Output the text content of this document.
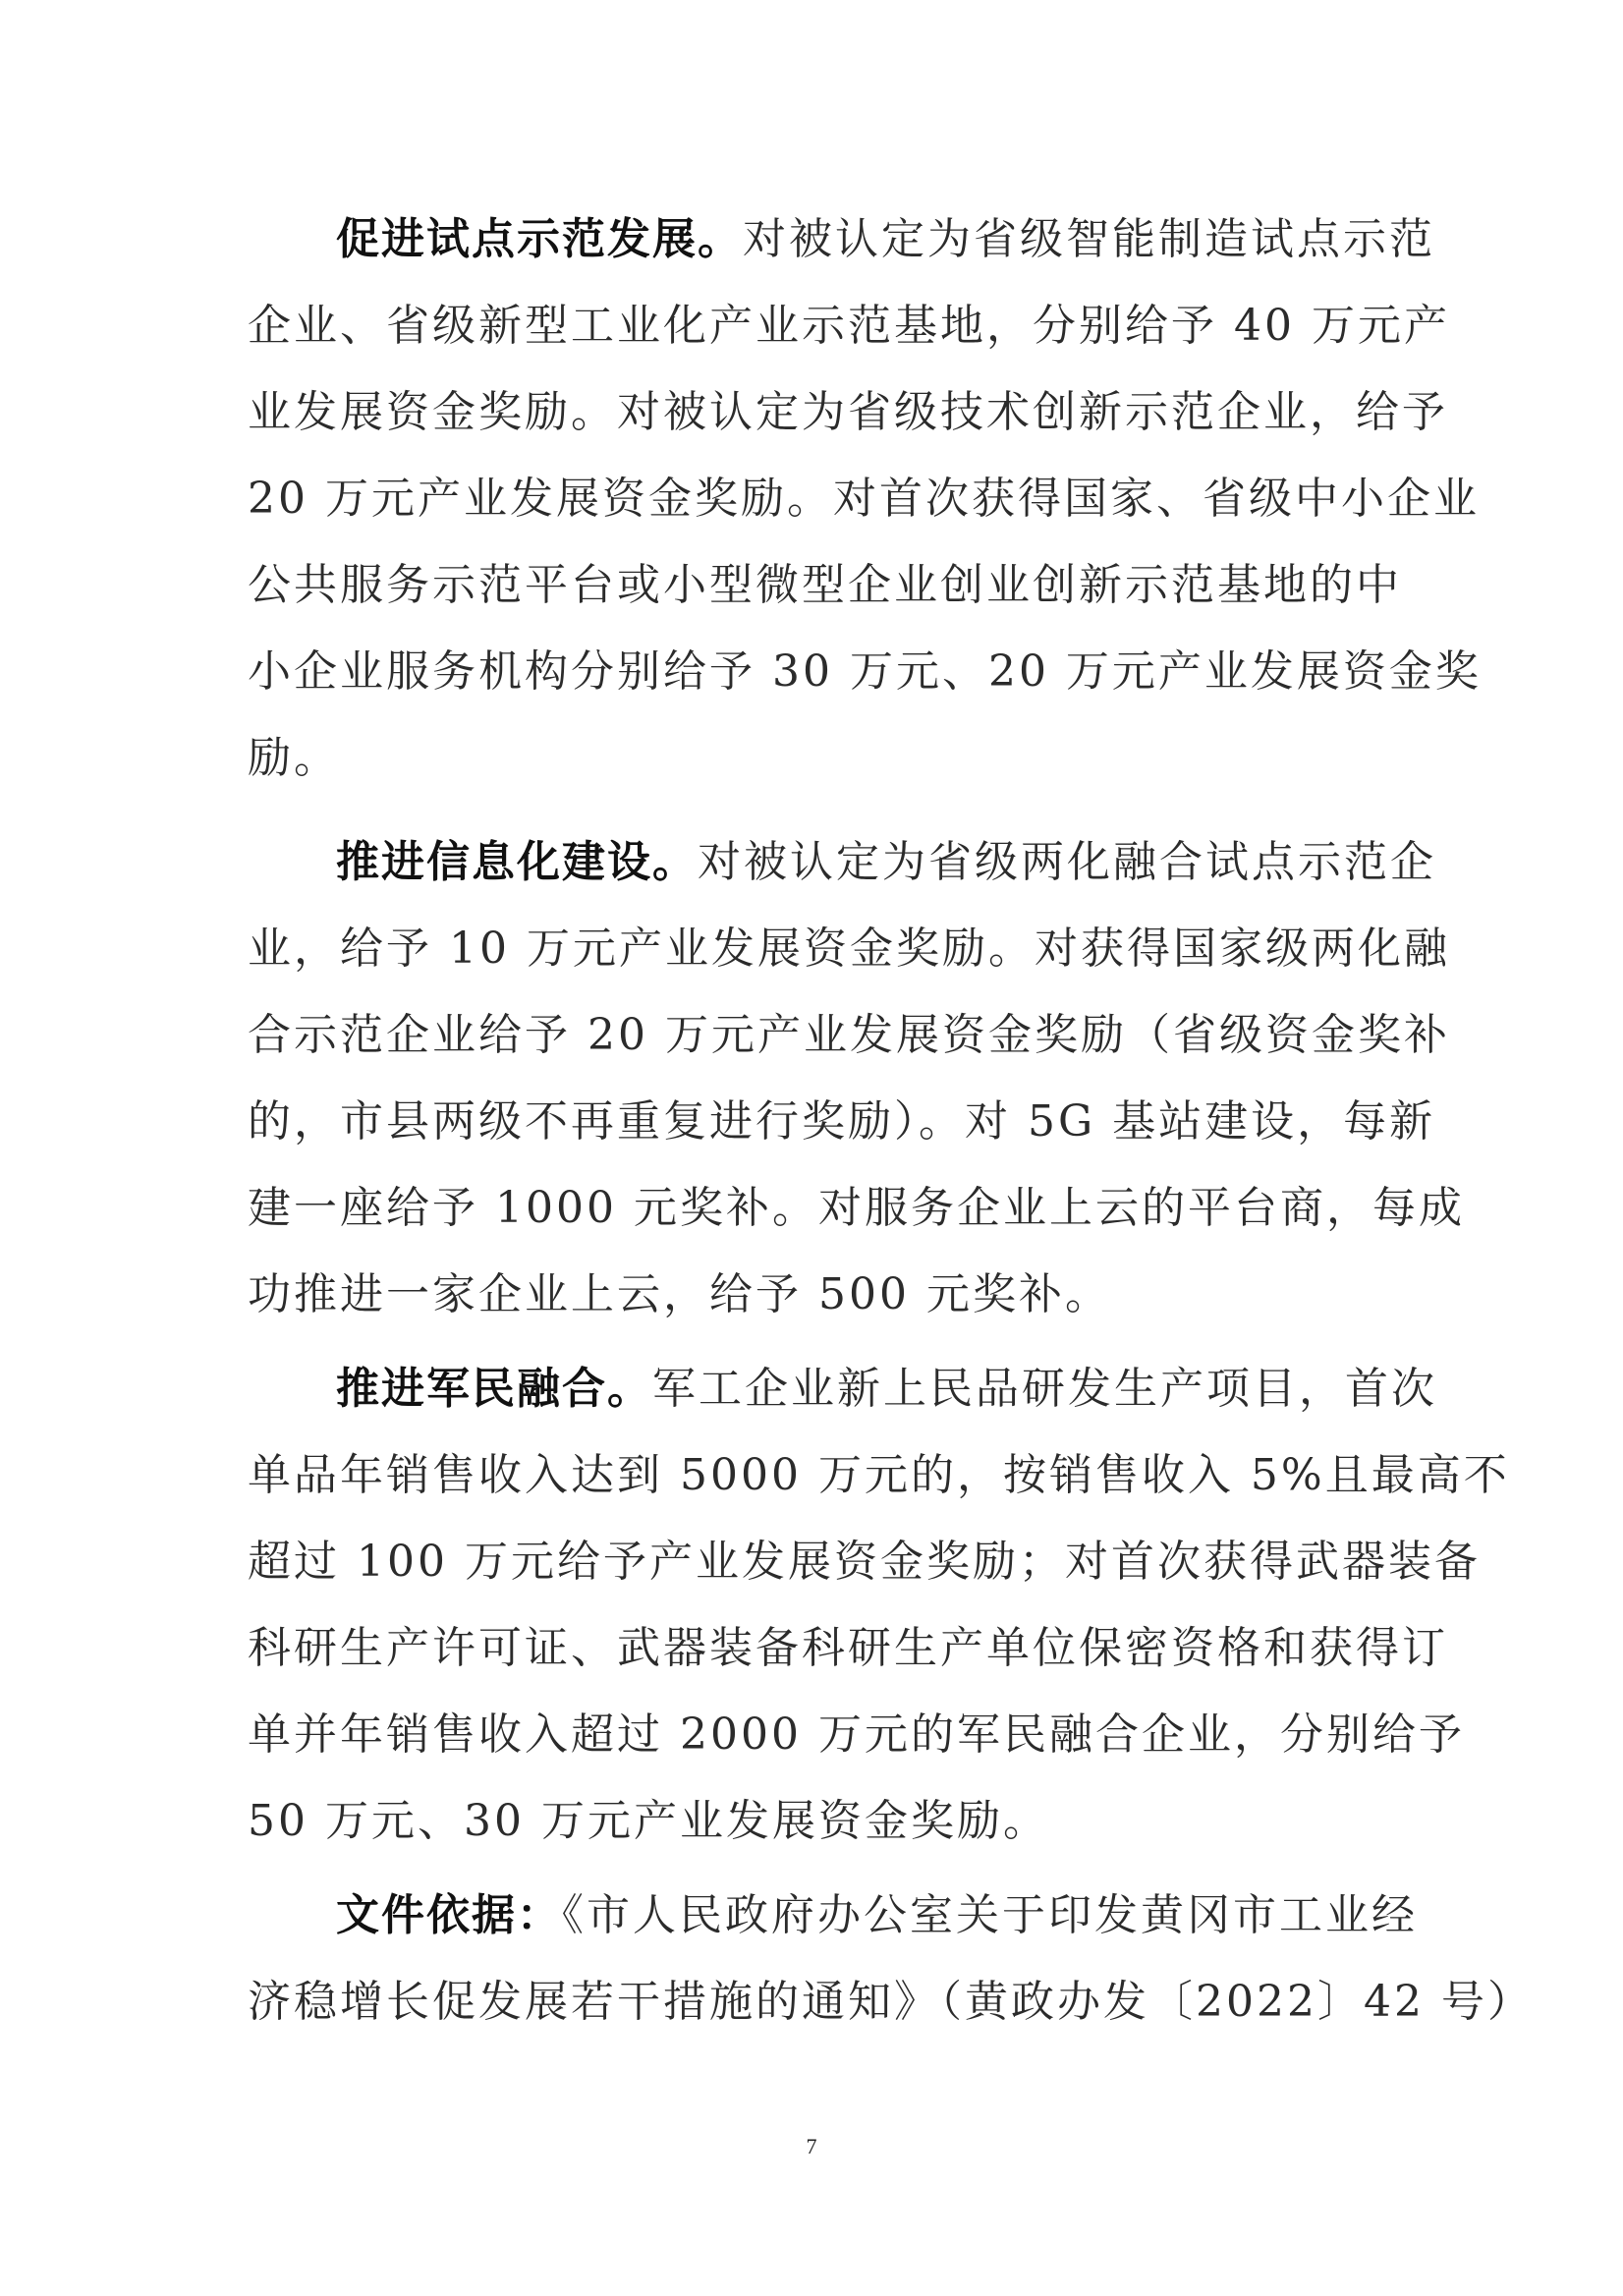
促进试点示范发展。对被认定为省级智能制造试点示范
企业、省级新型工业化产业示范基地，分别给予 40 万元产
业发展资金奖励。对被认定为省级技术创新示范企业，给予
20 万元产业发展资金奖励。对首次获得国家、省级中小企业
公共服务示范平台或小型微型企业创业创新示范基地的中
小企业服务机构分别给予 30 万元、20 万元产业发展资金奖
励。
推进信息化建设。对被认定为省级两化融合试点示范企
业，给予 10 万元产业发展资金奖励。对获得国家级两化融
合示范企业给予 20 万元产业发展资金奖励（省级资金奖补
的，市县两级不再重复进行奖励）。对 5G 基站建设，每新
建一座给予 1000 元奖补。对服务企业上云的平台商，每成
功推进一家企业上云，给予 500 元奖补。
推进军民融合。军工企业新上民品研发生产项目，首次
单品年销售收入达到 5000 万元的，按销售收入 5%且最高不
超过 100 万元给予产业发展资金奖励；对首次获得武器装备
科研生产许可证、武器装备科研生产单位保密资格和获得订
单并年销售收入超过 2000 万元的军民融合企业，分别给予
50 万元、30 万元产业发展资金奖励。
文件依据：《市人民政府办公室关于印发黄冈市工业经
济稳增长促发展若干措施的通知》（黄政办发〔2022〕42 号）
7
